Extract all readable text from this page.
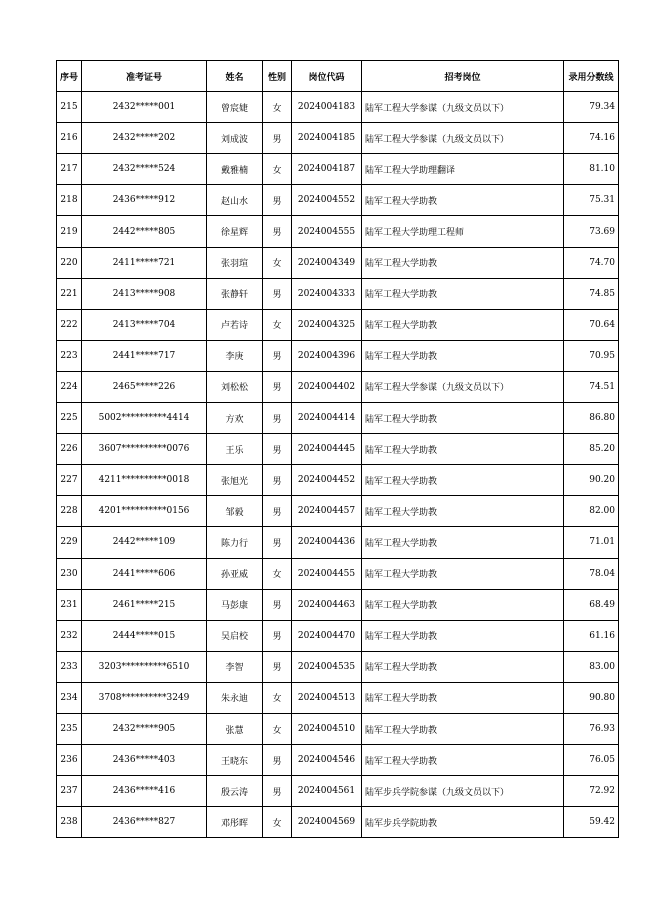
序号	准考证号	姓名	性别	岗位代码	招考岗位	录用分数线
215	2432*****001	曾宸婕	女	2024004183	陆军工程大学参谋（九级文员以下）	79.34
216	2432*****202	刘成波	男	2024004185	陆军工程大学参谋（九级文员以下）	74.16
217	2432*****524	戴雅楠	女	2024004187	陆军工程大学助理翻译	81.10
218	2436*****912	赵山水	男	2024004552	陆军工程大学助教	75.31
219	2442*****805	徐星辉	男	2024004555	陆军工程大学助理工程师	73.69
220	2411*****721	张羽瑄	女	2024004349	陆军工程大学助教	74.70
221	2413*****908	张静轩	男	2024004333	陆军工程大学助教	74.85
222	2413*****704	卢若诗	女	2024004325	陆军工程大学助教	70.64
223	2441*****717	李庚	男	2024004396	陆军工程大学助教	70.95
224	2465*****226	刘松松	男	2024004402	陆军工程大学参谋（九级文员以下）	74.51
225	5002**********4414	方欢	男	2024004414	陆军工程大学助教	86.80
226	3607**********0076	王乐	男	2024004445	陆军工程大学助教	85.20
227	4211**********0018	张旭光	男	2024004452	陆军工程大学助教	90.20
228	4201**********0156	邹毅	男	2024004457	陆军工程大学助教	82.00
229	2442*****109	陈力行	男	2024004436	陆军工程大学助教	71.01
230	2441*****606	孙亚威	女	2024004455	陆军工程大学助教	78.04
231	2461*****215	马彭康	男	2024004463	陆军工程大学助教	68.49
232	2444*****015	吴启校	男	2024004470	陆军工程大学助教	61.16
233	3203**********6510	李智	男	2024004535	陆军工程大学助教	83.00
234	3708**********3249	朱永迪	女	2024004513	陆军工程大学助教	90.80
235	2432*****905	张慧	女	2024004510	陆军工程大学助教	76.93
236	2436*****403	王晓东	男	2024004546	陆军工程大学助教	76.05
237	2436*****416	殷云涛	男	2024004561	陆军步兵学院参谋（九级文员以下）	72.92
238	2436*****827	邓彤晖	女	2024004569	陆军步兵学院助教	59.42
